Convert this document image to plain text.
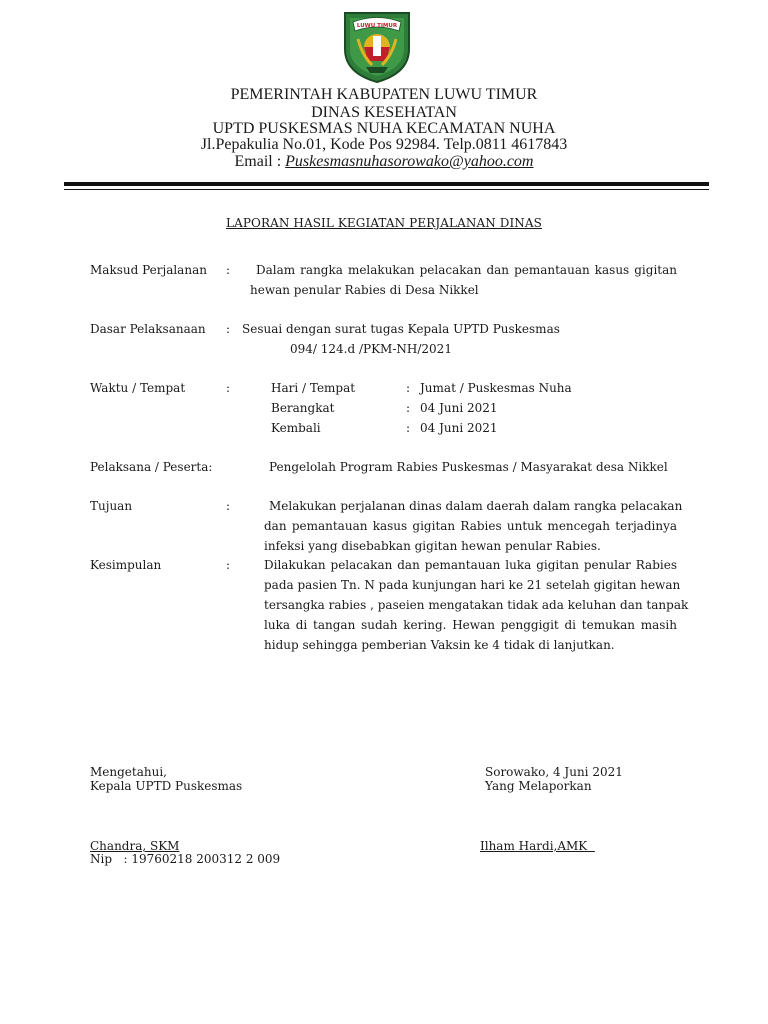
LUWU TIMUR
PEMERINTAH KABUPATEN LUWU TIMUR
DINAS KESEHATAN
UPTD PUSKESMAS NUHA KECAMATAN NUHA
Jl.Pepakulia No.01, Kode Pos 92984. Telp.0811 4617843
Email : Puskesmasnuhasorowako@yahoo.com
LAPORAN HASIL KEGIATAN PERJALANAN DINAS
Maksud Perjalanan : Dalam rangka melakukan pelacakan dan pemantauan kasus gigitan
hewan penular Rabies di Desa Nikkel
Dasar Pelaksanaan : Sesuai dengan surat tugas Kepala UPTD Puskesmas
094/ 124.d /PKM-NH/2021
Waktu / Tempat	:	Hari / Tempat	: Jumat / Puskesmas Nuha
Berangkat	: 04 Juni 2021
Kembali	: 04 Juni 2021
Pelaksana / Peserta:	Pengelolah Program Rabies Puskesmas / Masyarakat desa Nikkel
Tujuan	:	Melakukan perjalanan dinas dalam daerah dalam rangka pelacakan
dan pemantauan kasus gigitan Rabies untuk mencegah terjadinya
infeksi yang disebabkan gigitan hewan penular Rabies.
Kesimpulan	:	Dilakukan pelacakan dan pemantauan luka gigitan penular Rabies
pada pasien Tn. N pada kunjungan hari ke 21 setelah gigitan hewan
tersangka rabies , paseien mengatakan tidak ada keluhan dan tanpak
luka di tangan sudah kering. Hewan penggigit di temukan masih
hidup sehingga pemberian Vaksin ke 4 tidak di lanjutkan.
Mengetahui,
Kepala UPTD Puskesmas
Chandra, SKM
Nip   : 19760218 200312 2 009
Sorowako, 4 Juni 2021
Yang Melaporkan
Ilham Hardi,AMK
